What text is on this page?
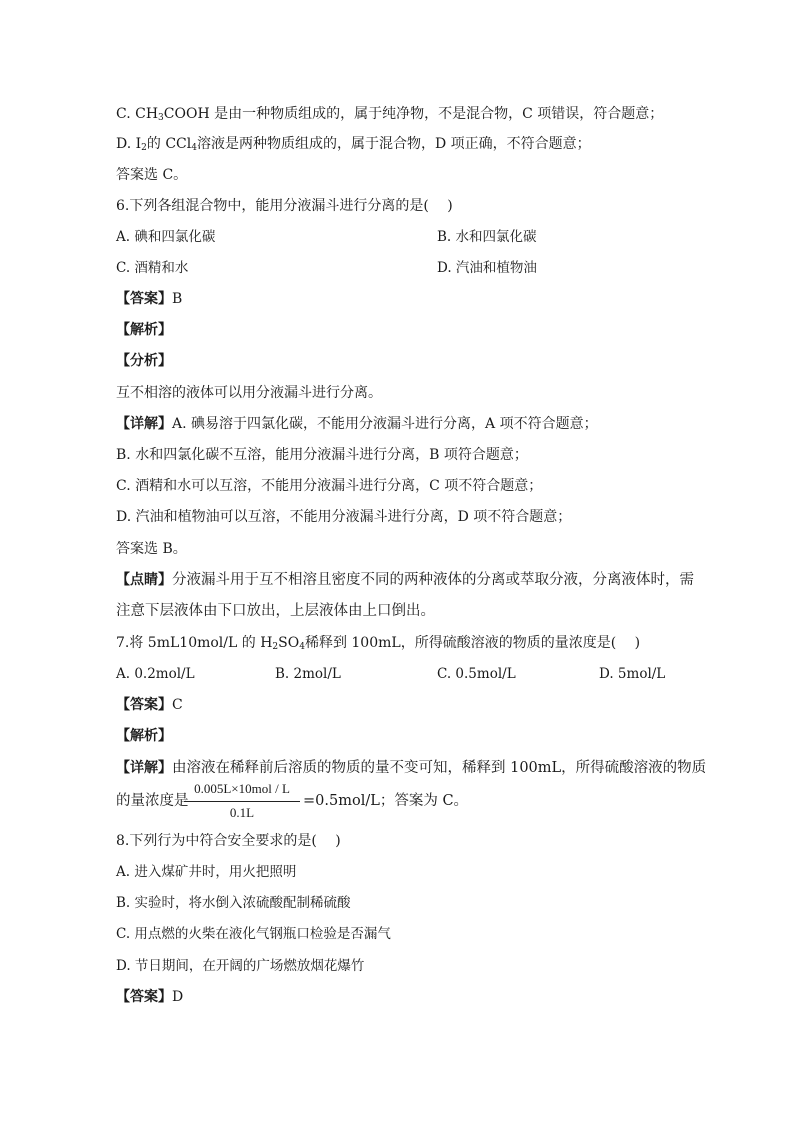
C. $CH_3COOH$ 是由一种物质组成的，属于纯净物，不是混合物，C 项错误，符合题意；
D. $I_2$的 CCl$_4$溶液是两种物质组成的，属于混合物，D 项正确，不符合题意；
答案选 C。
6.下列各组混合物中，能用分液漏斗进行分离的是(　 )
A. 碘和四氯化碳	B. 水和四氯化碳
C. 酒精和水	D. 汽油和植物油
【答案】B
【解析】
【分析】
互不相溶的液体可以用分液漏斗进行分离。
【详解】A. 碘易溶于四氯化碳，不能用分液漏斗进行分离，A 项不符合题意；
B. 水和四氯化碳不互溶，能用分液漏斗进行分离，B 项符合题意；
C. 酒精和水可以互溶，不能用分液漏斗进行分离，C 项不符合题意；
D. 汽油和植物油可以互溶，不能用分液漏斗进行分离，D 项不符合题意；
答案选 B。
【点睛】分液漏斗用于互不相溶且密度不同的两种液体的分离或萃取分液，分离液体时，需
注意下层液体由下口放出，上层液体由上口倒出。
7.将 5mL10mol/L 的 $H_2SO_4$稀释到 100mL，所得硫酸溶液的物质的量浓度是(　 )
A. 0.2mol/L	B. 2mol/L	C. 0.5mol/L	D. 5mol/L
【答案】C
【解析】
【详解】由溶液在稀释前后溶质的物质的量不变可知，稀释到 100mL，所得硫酸溶液的物质
的量浓度是
0.005L×10mol / L
0.1L
=0.5mol/L；答案为 C。
8.下列行为中符合安全要求的是(　 )
A. 进入煤矿井时，用火把照明
B. 实验时，将水倒入浓硫酸配制稀硫酸
C. 用点燃的火柴在液化气钢瓶口检验是否漏气
D. 节日期间，在开阔的广场燃放烟花爆竹
【答案】D
